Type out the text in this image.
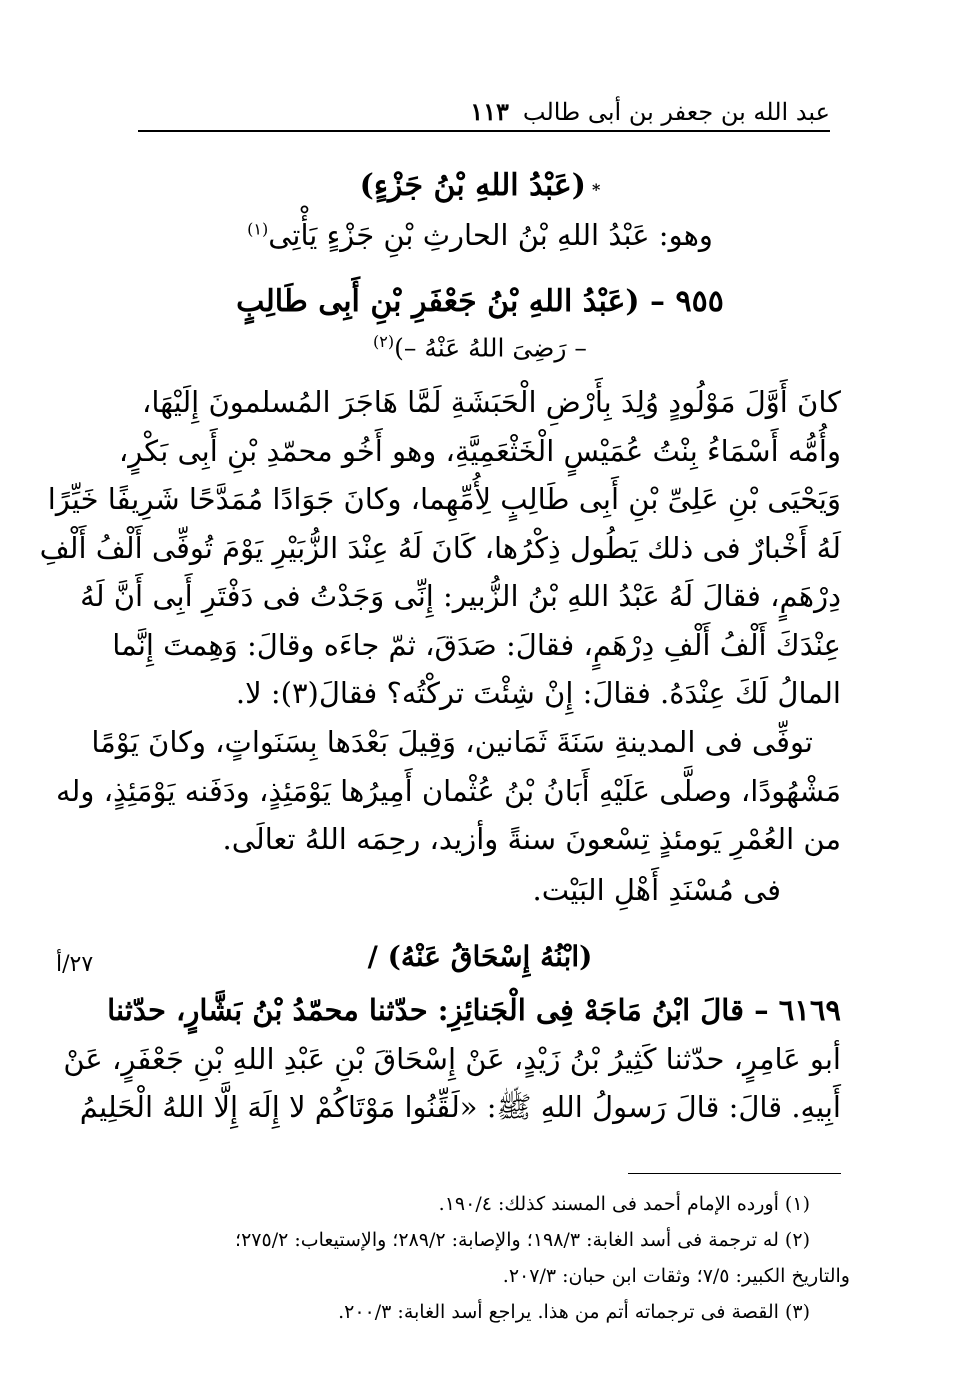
عبد الله بن جعفر بن أبى طالب
١١٣
*(عَبْدُ اللهِ بْنُ جَزْءٍ)
وهو: عَبْدُ اللهِ بْنُ الحارثِ بْنِ جَزْءٍ يَأْتِى$^{(١)}$
٩٥٥ – (عَبْدُ اللهِ بْنُ جَعْفَرِ بْنِ أَبِى طَالِبٍ
– رَضِىَ اللهُ عَنْهُ –)$^{(٢)}$
كانَ أَوَّلَ مَوْلُودٍ وُلِدَ بِأَرْضِ الْحَبَشَةِ لَمَّا هَاجَرَ المُسلمونَ إِلَيْهَا،
وأُمُّه أَسْمَاءُ بِنْتُ عُمَيْسٍ الْخَثْعَمِيَّةِ، وهو أَخُو محمّدِ بْنِ أَبِى بَكْرٍ،
وَيَحْيَى بْنِ عَلِىِّ بْنِ أَبِى طَالِبٍ لِأُمِّهِما، وكانَ جَوَادًا مُمَدَّحًا شَرِيفًا خَيِّرًا
لَهُ أَخْبارٌ فى ذلك يَطُول ذِكْرُها، كَانَ لَهُ عِنْدَ الزُّبَيْرِ يَوْمَ تُوفِّى أَلْفُ أَلْفِ
دِرْهَمٍ، فقالَ لَهُ عَبْدُ اللهِ بْنُ الزُّبير: إِنِّى وَجَدْتُ فى دَفْتَرِ أَبِى أَنَّ لَهُ
عِنْدَكَ أَلْفُ أَلْفِ دِرْهَمٍ، فقالَ: صَدَقَ، ثمّ جاءَه وقالَ: وَهِمتَ إِنَّما
المالُ لَكَ عِنْدَهُ. فقالَ: إِنْ شِئْتَ تركْتُه؟ فقالَ(٣): لا.
توفِّى فى المدينةِ سَنَةَ ثَمَانين، وَقِيلَ بَعْدَها بِسَنَواتٍ، وكانَ يَوْمًا
مَشْهُودًا، وصلَّى عَلَيْهِ أَبَانُ بْنُ عُثْمان أَمِيرُها يَوْمَئِذٍ، ودَفَنه يَوْمَئِذٍ، وله
من العُمْرِ يَومئذٍ تِسْعونَ سنةً وأزيد، رحِمَه اللهُ تعالَى.
فى مُسْنَدِ أَهْلِ البَيْت.
(ابْنُهُ إِسْحَاقُ عَنْهُ) /
٢٧/أ
٦١٦٩ – قالَ ابْنُ مَاجَهْ فِى الْجَنائِزِ: حدّثنا محمّدُ بْنُ بَشَّارٍ، حدّثنا
أبو عَامِرٍ، حدّثنا كَثِيرُ بْنُ زَيْدٍ، عَنْ إِسْحَاقَ بْنِ عَبْدِ اللهِ بْنِ جَعْفَرٍ، عَنْ
أَبِيهِ. قالَ: قالَ رَسولُ اللهِ ﷺ: «لَقِّنُوا مَوْتَاكُمْ لا إِلَهَ إِلَّا اللهُ الْحَلِيمُ
(١) أورده الإمام أحمد فى المسند كذلك: ١٩٠/٤.
(٢) له ترجمة فى أسد الغابة: ١٩٨/٣؛ والإصابة: ٢٨٩/٢؛ والإستيعاب: ٢٧٥/٢؛
والتاريخ الكبير: ٧/٥؛ وثقات ابن حبان: ٢٠٧/٣.
(٣) القصة فى ترجماته أتم من هذا. يراجع أسد الغابة: ٢٠٠/٣.
